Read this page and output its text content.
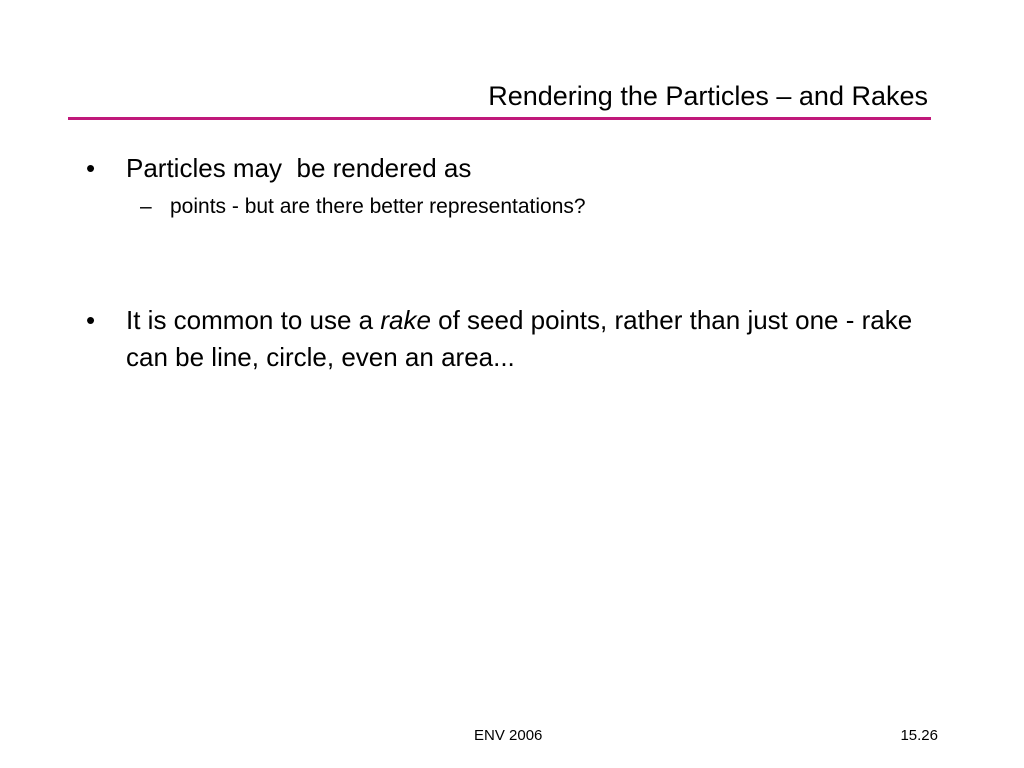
Rendering the Particles – and Rakes
• Particles may  be rendered as
– points - but are there better representations?
• It is common to use a rake of seed points, rather than just one - rake can be line, circle, even an area...
ENV 2006	15.26
